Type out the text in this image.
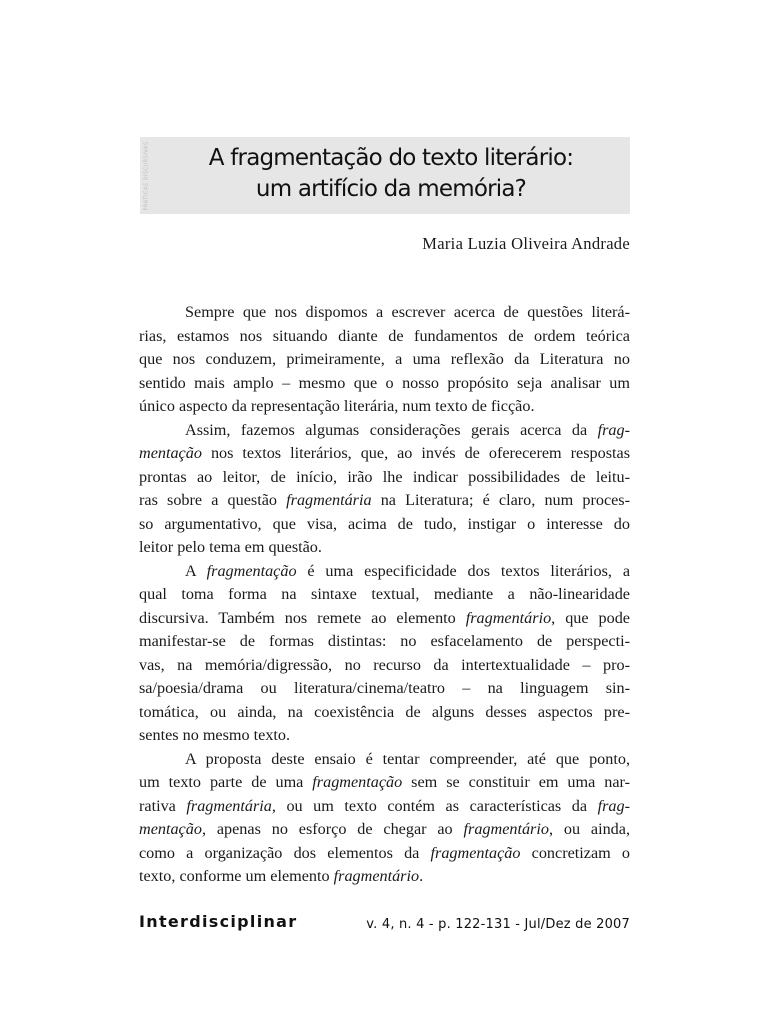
PRATICAS DISCURSIVAS	A fragmentação do texto literário:
um artifício da memória?
Maria Luzia Oliveira Andrade
Sempre que nos dispomos a escrever acerca de questões literá-
rias, estamos nos situando diante de fundamentos de ordem teórica
que nos conduzem, primeiramente, a uma reflexão da Literatura no
sentido mais amplo – mesmo que o nosso propósito seja analisar um
único aspecto da representação literária, num texto de ficção.
Assim, fazemos algumas considerações gerais acerca da frag-
mentação nos textos literários, que, ao invés de oferecerem respostas
prontas ao leitor, de início, irão lhe indicar possibilidades de leitu-
ras sobre a questão fragmentária na Literatura; é claro, num proces-
so argumentativo, que visa, acima de tudo, instigar o interesse do
leitor pelo tema em questão.
A fragmentação é uma especificidade dos textos literários, a
qual toma forma na sintaxe textual, mediante a não-linearidade
discursiva. Também nos remete ao elemento fragmentário, que pode
manifestar-se de formas distintas: no esfacelamento de perspecti-
vas, na memória/digressão, no recurso da intertextualidade – pro-
sa/poesia/drama ou literatura/cinema/teatro – na linguagem sin-
tomática, ou ainda, na coexistência de alguns desses aspectos pre-
sentes no mesmo texto.
A proposta deste ensaio é tentar compreender, até que ponto,
um texto parte de uma fragmentação sem se constituir em uma nar-
rativa fragmentária, ou um texto contém as características da frag-
mentação, apenas no esforço de chegar ao fragmentário, ou ainda,
como a organização dos elementos da fragmentação concretizam o
texto, conforme um elemento fragmentário.
Interdisciplinar	v. 4, n. 4 - p. 122-131 - Jul/Dez de 2007
